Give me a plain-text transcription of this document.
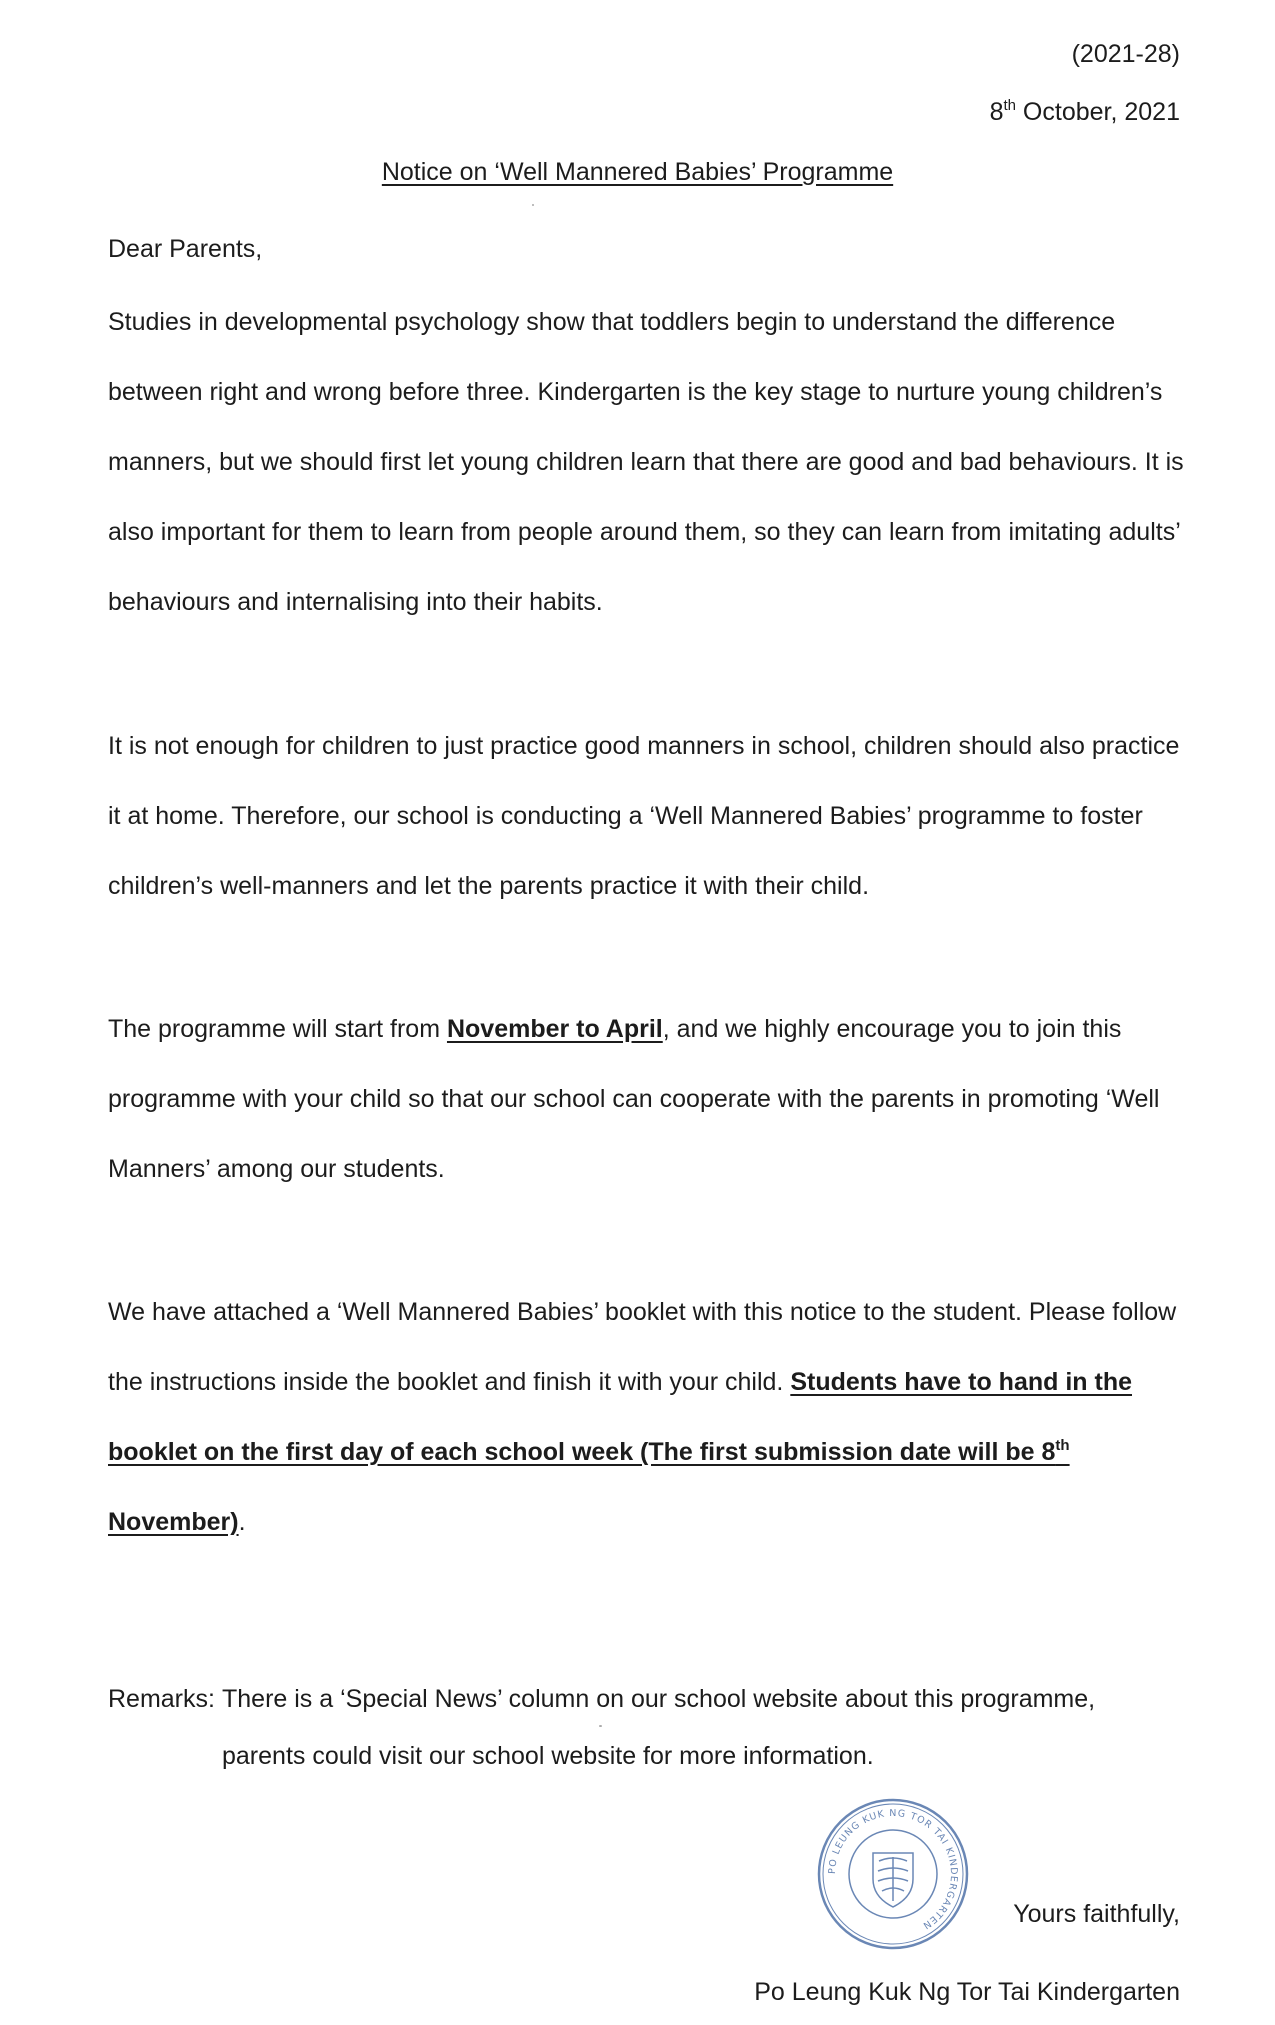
(2021-28)
8th October, 2021
Notice on ‘Well Mannered Babies’ Programme
Dear Parents,
Studies in developmental psychology show that toddlers begin to understand the difference
between right and wrong before three. Kindergarten is the key stage to nurture young children’s
manners, but we should first let young children learn that there are good and bad behaviours. It is
also important for them to learn from people around them, so they can learn from imitating adults’
behaviours and internalising into their habits.
It is not enough for children to just practice good manners in school, children should also practice
it at home. Therefore, our school is conducting a ‘Well Mannered Babies’ programme to foster
children’s well-manners and let the parents practice it with their child.
The programme will start from November to April, and we highly encourage you to join this
programme with your child so that our school can cooperate with the parents in promoting ‘Well
Manners’ among our students.
We have attached a ‘Well Mannered Babies’ booklet with this notice to the student. Please follow
the instructions inside the booklet and finish it with your child. Students have to hand in the
booklet on the first day of each school week (The first submission date will be 8th
November).
Remarks: There is a ‘Special News’ column on our school website about this programme,
parents could visit our school website for more information.
PO LEUNG KUK NG TOR TAI KINDERGARTEN	Yours faithfully,
Po Leung Kuk Ng Tor Tai Kindergarten
